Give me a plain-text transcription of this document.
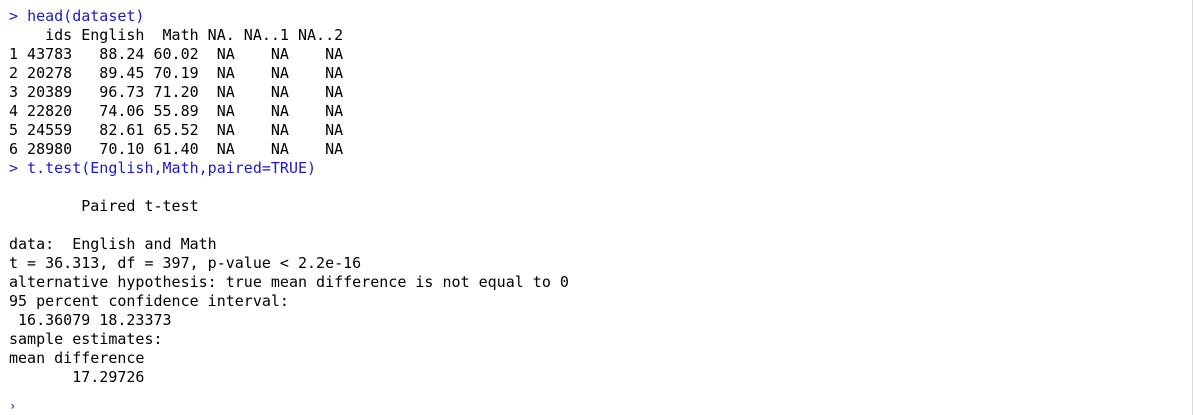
> head(dataset)
ids English  Math NA. NA..1 NA..2
1 43783   88.24 60.02  NA    NA    NA
2 20278   89.45 70.19  NA    NA    NA
3 20389   96.73 71.20  NA    NA    NA
4 22820   74.06 55.89  NA    NA    NA
5 24559   82.61 65.52  NA    NA    NA
6 28980   70.10 61.40  NA    NA    NA
> t.test(English,Math,paired=TRUE)
Paired t-test
data:  English and Math
t = 36.313, df = 397, p-value < 2.2e-16
alternative hypothesis: true mean difference is not equal to 0
95 percent confidence interval:
16.36079 18.23373
sample estimates:
mean difference
17.29726
›
